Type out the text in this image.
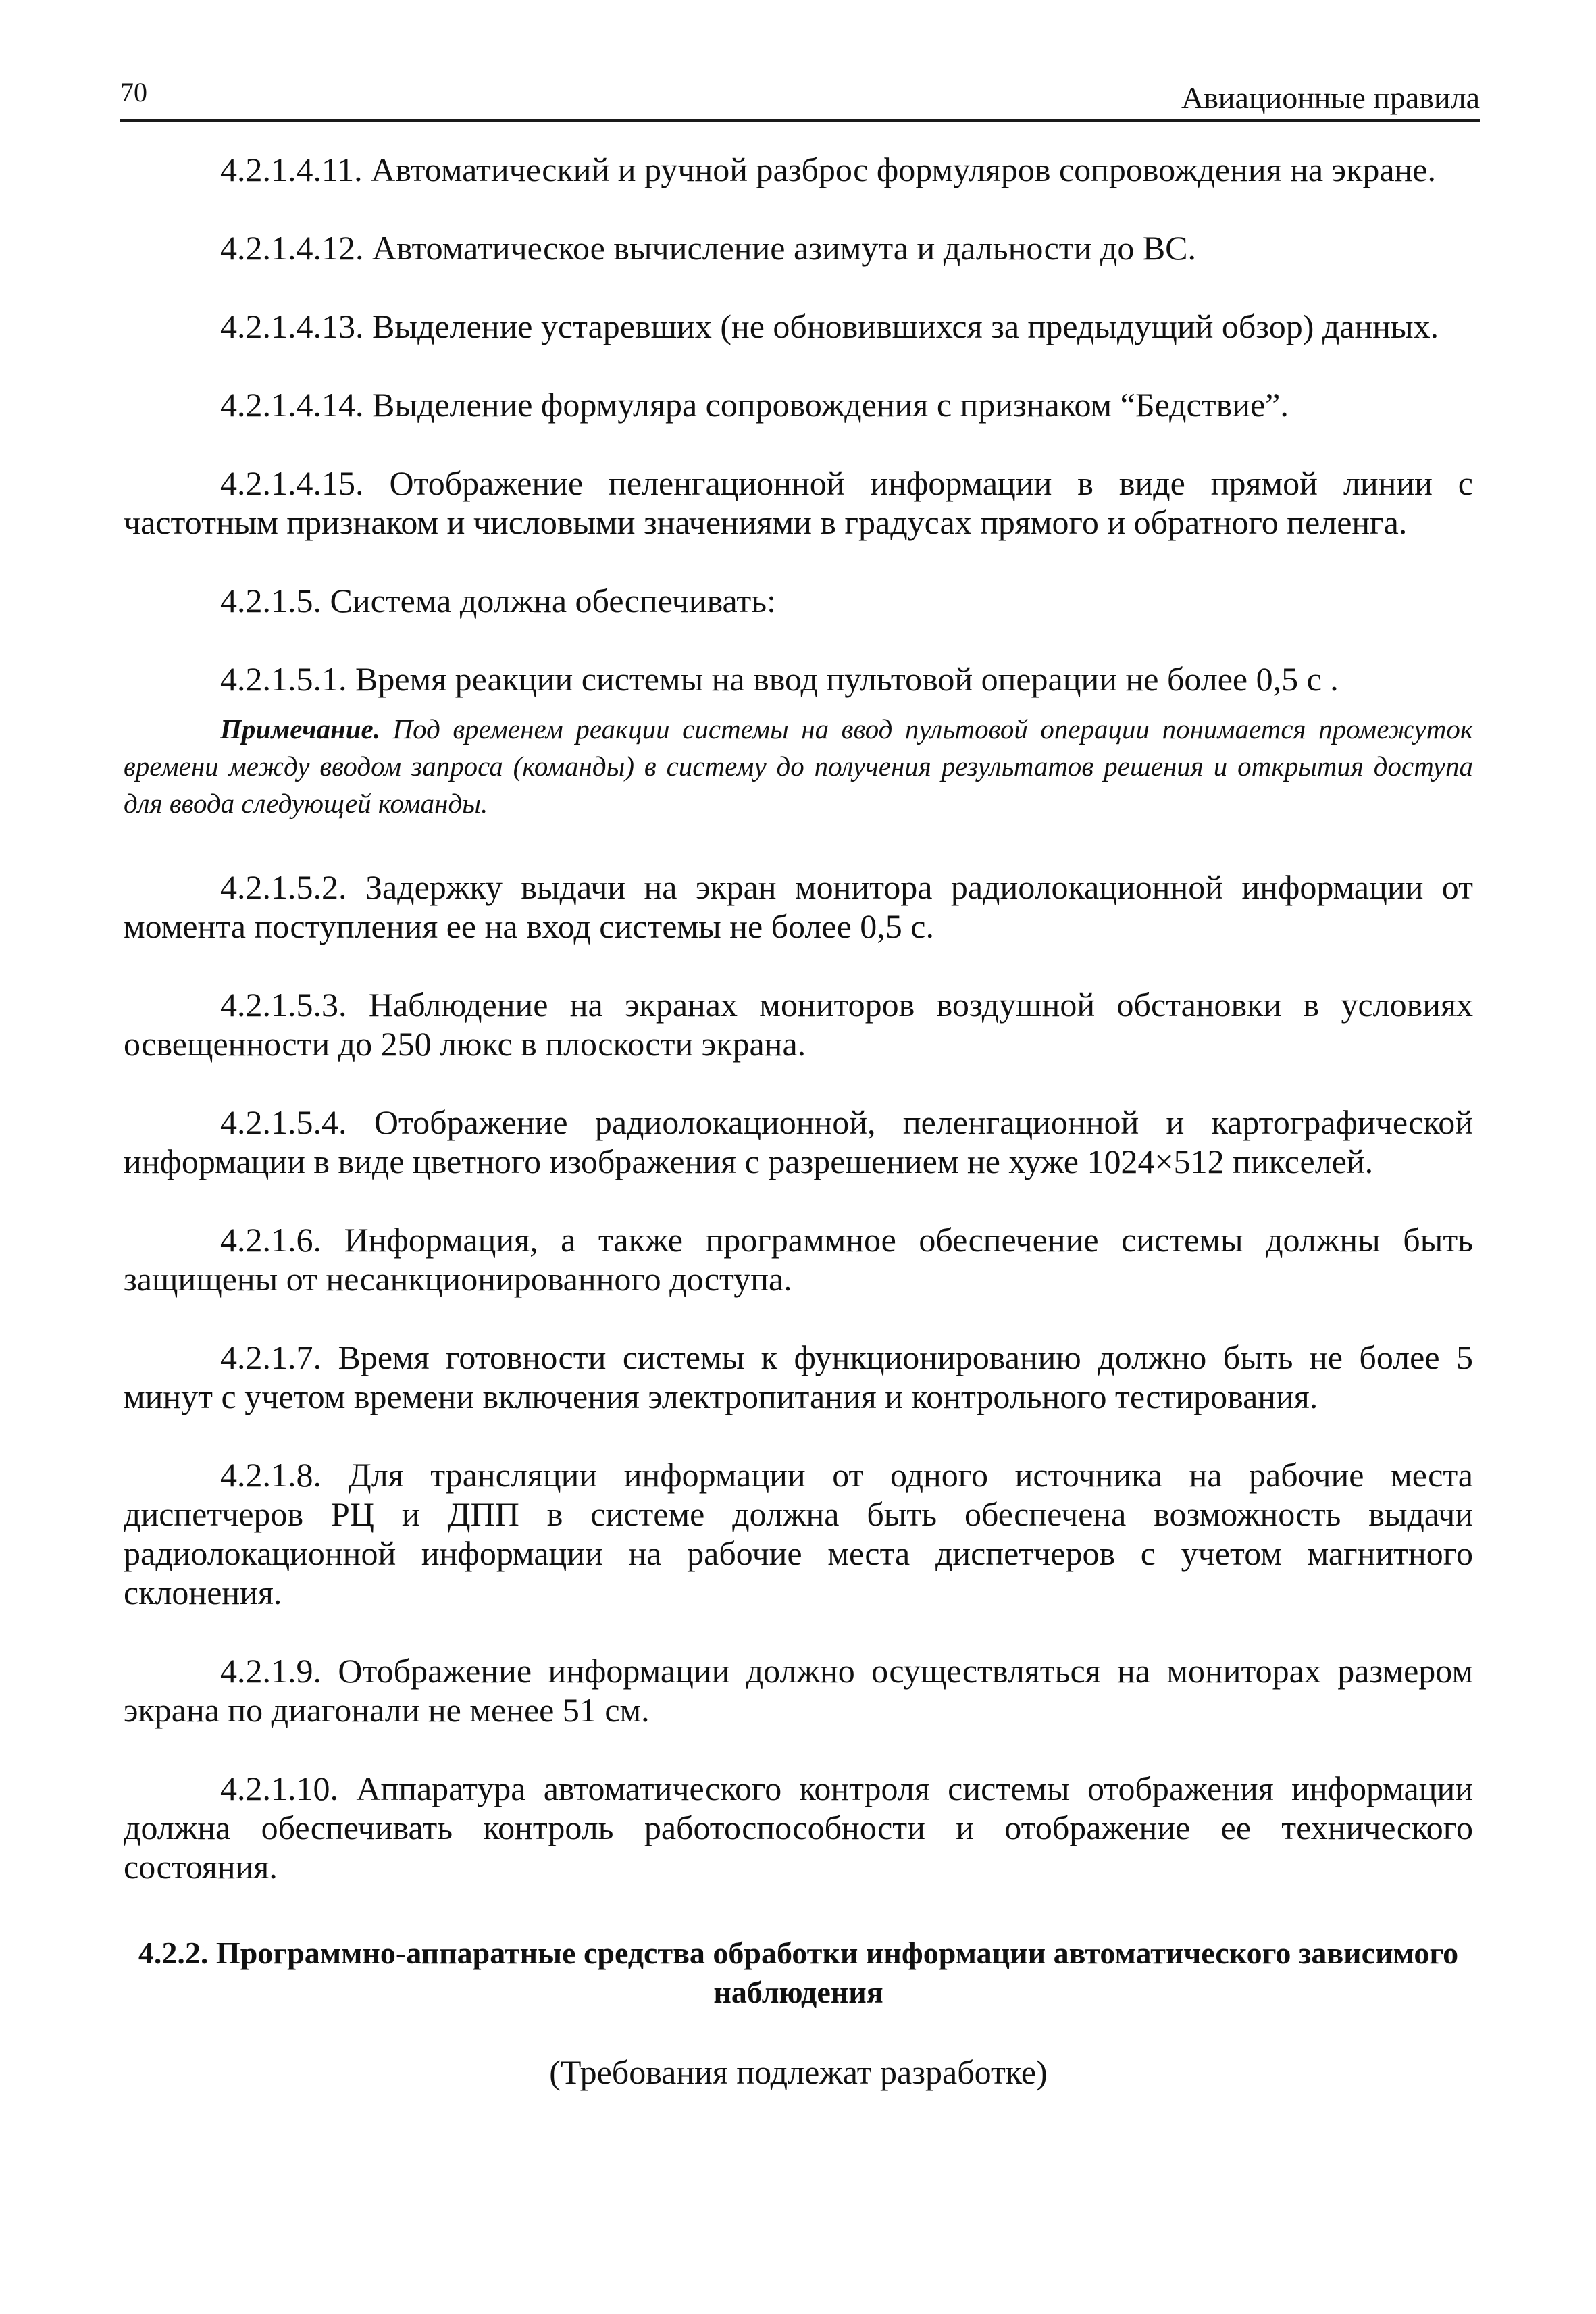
70	Авиационные правила

4.2.1.4.11. Автоматический и ручной разброс формуляров сопровождения на экране.

4.2.1.4.12. Автоматическое вычисление азимута и дальности до ВС.

4.2.1.4.13. Выделение устаревших (не обновившихся за предыдущий обзор) данных.

4.2.1.4.14. Выделение формуляра сопровождения с признаком “Бедствие”.

4.2.1.4.15. Отображение пеленгационной информации в виде прямой линии с частотным признаком и числовыми значениями в градусах прямого и обратного пеленга.

4.2.1.5. Система должна обеспечивать:

4.2.1.5.1. Время реакции системы на ввод пультовой операции не более 0,5 с .

Примечание. Под временем реакции системы на ввод пультовой операции понимается промежуток времени между вводом запроса (команды) в систему до получения результатов решения и открытия доступа для ввода следующей команды.

4.2.1.5.2. Задержку выдачи на экран монитора радиолокационной информации от момента поступления ее на вход системы не более 0,5 с.

4.2.1.5.3. Наблюдение на экранах мониторов воздушной обстановки в условиях освещенности до 250 люкс в плоскости экрана.

4.2.1.5.4. Отображение радиолокационной, пеленгационной и картографической информации в виде цветного изображения с разрешением не хуже 1024×512 пикселей.

4.2.1.6. Информация, а также программное обеспечение системы должны быть защищены от несанкционированного доступа.

4.2.1.7. Время готовности системы к функционированию должно быть не более 5 минут с учетом времени включения электропитания и контрольного тестирования.

4.2.1.8. Для трансляции информации от одного источника на рабочие места диспетчеров РЦ и ДПП в системе должна быть обеспечена возможность выдачи радиолокационной информации на рабочие места диспетчеров с учетом магнитного склонения.

4.2.1.9. Отображение информации должно осуществляться на мониторах размером экрана по диагонали не менее 51 см.

4.2.1.10. Аппаратура автоматического контроля системы отображения информации должна обеспечивать контроль работоспособности и отображение ее технического состояния.

4.2.2. Программно-аппаратные средства обработки информации автоматического зависимого наблюдения

(Требования подлежат разработке)
